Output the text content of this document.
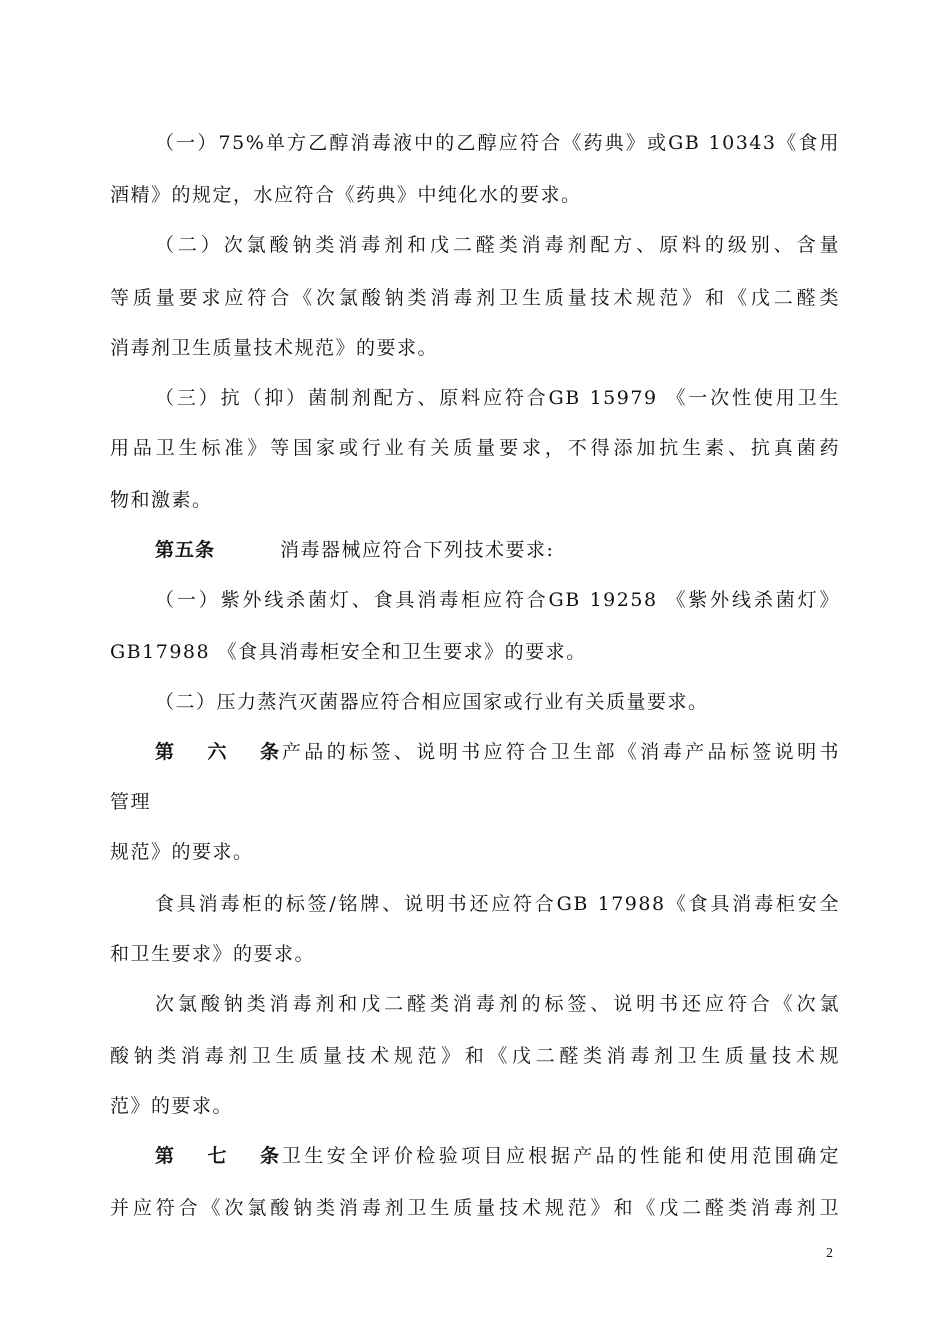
（一）75%单方乙醇消毒液中的乙醇应符合《药典》或GB 10343《食用
酒精》的规定，水应符合《药典》中纯化水的要求。
（二）次氯酸钠类消毒剂和戊二醛类消毒剂配方、原料的级别、含量
等质量要求应符合《次氯酸钠类消毒剂卫生质量技术规范》和《戊二醛类
消毒剂卫生质量技术规范》的要求。
（三）抗（抑）菌制剂配方、原料应符合GB 15979 《一次性使用卫生
用品卫生标准》等国家或行业有关质量要求，不得添加抗生素、抗真菌药
物和激素。
第五条	消毒器械应符合下列技术要求:
（一）紫外线杀菌灯、食具消毒柜应符合GB 19258 《紫外线杀菌灯》
GB17988 《食具消毒柜安全和卫生要求》的要求。
（二）压力蒸汽灭菌器应符合相应国家或行业有关质量要求。
第六条产品的标签、说明书应符合卫生部《消毒产品标签说明书
管理
规范》的要求。
食具消毒柜的标签/铭牌、说明书还应符合GB 17988《食具消毒柜安全
和卫生要求》的要求。
次氯酸钠类消毒剂和戊二醛类消毒剂的标签、说明书还应符合《次氯
酸钠类消毒剂卫生质量技术规范》和《戊二醛类消毒剂卫生质量技术规
范》的要求。
第七条卫生安全评价检验项目应根据产品的性能和使用范围确定
并应符合《次氯酸钠类消毒剂卫生质量技术规范》和《戊二醛类消毒剂卫
2
